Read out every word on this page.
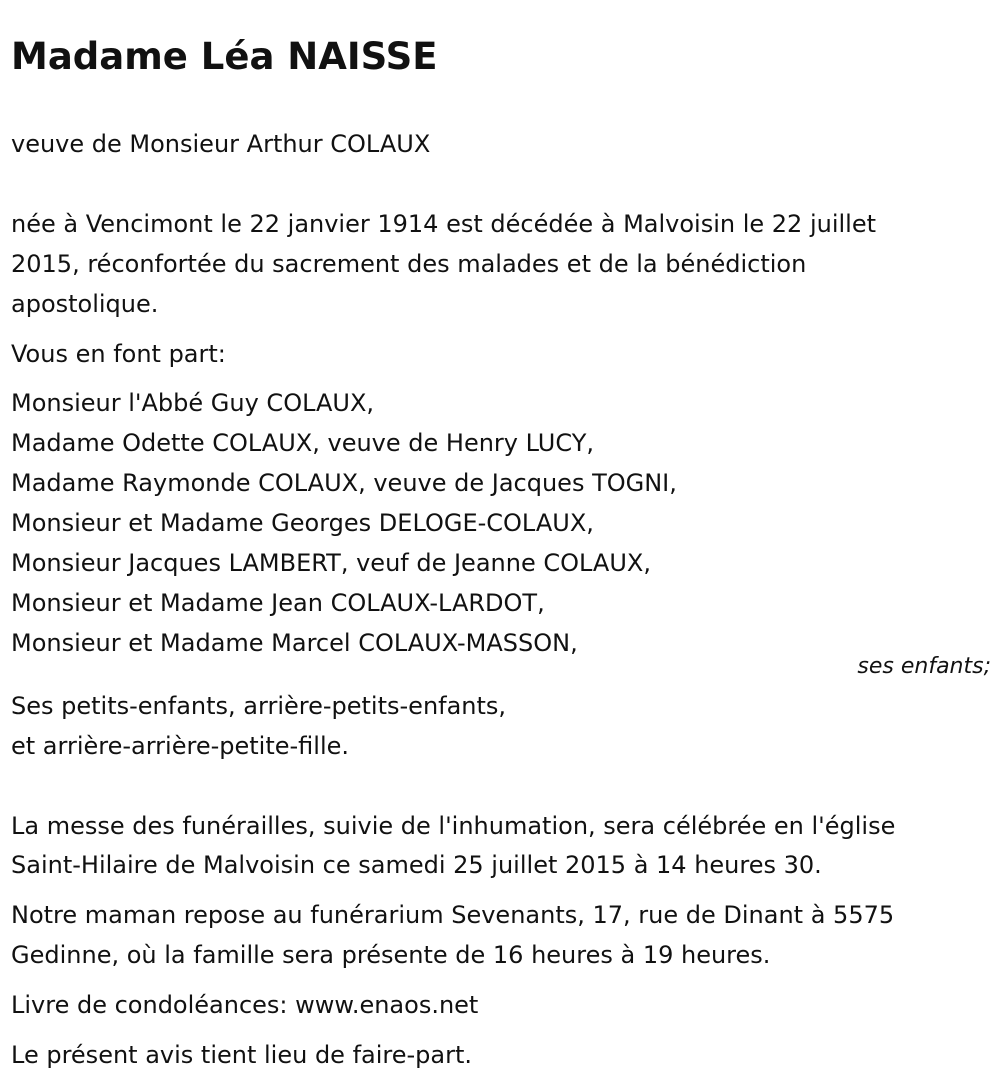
Madame Léa NAISSE

veuve de Monsieur Arthur COLAUX

née à Vencimont le 22 janvier 1914 est décédée à Malvoisin le 22 juillet

2015, réconfortée du sacrement des malades et de la bénédiction

apostolique.

Vous en font part:

Monsieur l'Abbé Guy COLAUX,

Madame Odette COLAUX, veuve de Henry LUCY,

Madame Raymonde COLAUX, veuve de Jacques TOGNI,

Monsieur et Madame Georges DELOGE-COLAUX,

Monsieur Jacques LAMBERT, veuf de Jeanne COLAUX,

Monsieur et Madame Jean COLAUX-LARDOT,

Monsieur et Madame Marcel COLAUX-MASSON,

ses enfants;

Ses petits-enfants, arrière-petits-enfants,

et arrière-arrière-petite-fille.

La messe des funérailles, suivie de l'inhumation, sera célébrée en l'église

Saint-Hilaire de Malvoisin ce samedi 25 juillet 2015 à 14 heures 30.

Notre maman repose au funérarium Sevenants, 17, rue de Dinant à 5575

Gedinne, où la famille sera présente de 16 heures à 19 heures.

Livre de condoléances: www.enaos.net

Le présent avis tient lieu de faire-part.
